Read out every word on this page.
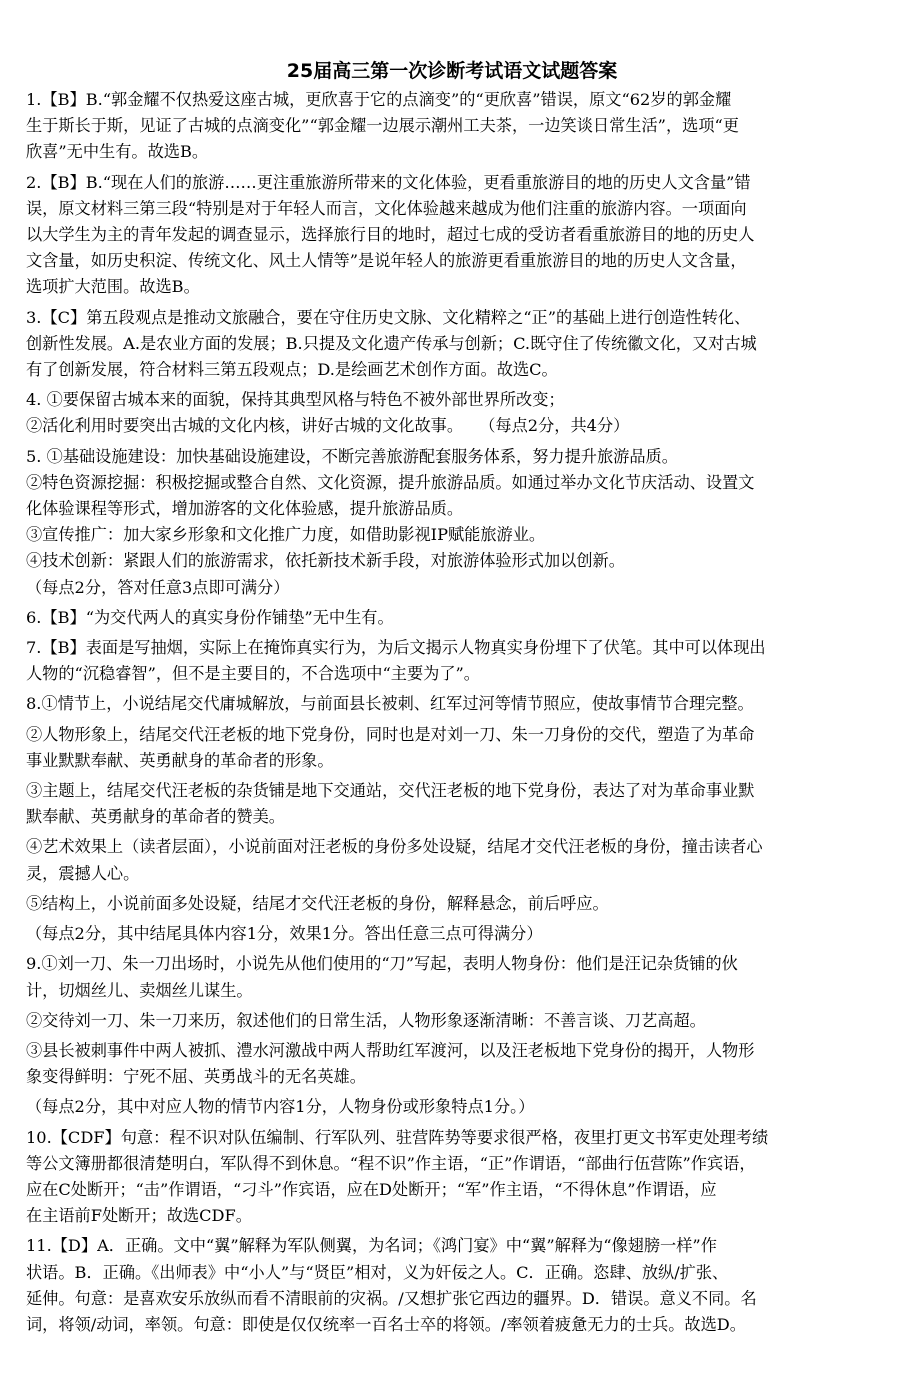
25届高三第一次诊断考试语文试题答案
1.【B】B.“郭金耀不仅热爱这座古城，更欣喜于它的点滴变”的“更欣喜”错误，原文“62岁的郭金耀
生于斯长于斯，见证了古城的点滴变化”“郭金耀一边展示潮州工夫茶，一边笑谈日常生活”，选项“更
欣喜”无中生有。故选B。
2.【B】B.“现在人们的旅游……更注重旅游所带来的文化体验，更看重旅游目的地的历史人文含量”错
误，原文材料三第三段“特别是对于年轻人而言，文化体验越来越成为他们注重的旅游内容。一项面向
以大学生为主的青年发起的调查显示，选择旅行目的地时，超过七成的受访者看重旅游目的地的历史人
文含量，如历史积淀、传统文化、风土人情等”是说年轻人的旅游更看重旅游目的地的历史人文含量，
选项扩大范围。故选B。
3.【C】第五段观点是推动文旅融合，要在守住历史文脉、文化精粹之“正”的基础上进行创造性转化、
创新性发展。A.是农业方面的发展；B.只提及文化遗产传承与创新；C.既守住了传统徽文化，又对古城
有了创新发展，符合材料三第五段观点；D.是绘画艺术创作方面。故选C。
4. ①要保留古城本来的面貌，保持其典型风格与特色不被外部世界所改变；
②活化利用时要突出古城的文化内核，讲好古城的文化故事。　　（每点2分，共4分）
5. ①基础设施建设：加快基础设施建设，不断完善旅游配套服务体系，努力提升旅游品质。
②特色资源挖掘：积极挖掘或整合自然、文化资源，提升旅游品质。如通过举办文化节庆活动、设置文
化体验课程等形式，增加游客的文化体验感，提升旅游品质。
③宣传推广：加大家乡形象和文化推广力度，如借助影视IP赋能旅游业。
④技术创新：紧跟人们的旅游需求，依托新技术新手段，对旅游体验形式加以创新。
（每点2分，答对任意3点即可满分）
6.【B】“为交代两人的真实身份作铺垫”无中生有。
7.【B】表面是写抽烟，实际上在掩饰真实行为，为后文揭示人物真实身份埋下了伏笔。其中可以体现出
人物的“沉稳睿智”，但不是主要目的，不合选项中“主要为了”。
8.①情节上，小说结尾交代庸城解放，与前面县长被刺、红军过河等情节照应，使故事情节合理完整。
②人物形象上，结尾交代汪老板的地下党身份，同时也是对刘一刀、朱一刀身份的交代，塑造了为革命
事业默默奉献、英勇献身的革命者的形象。
③主题上，结尾交代汪老板的杂货铺是地下交通站，交代汪老板的地下党身份，表达了对为革命事业默
默奉献、英勇献身的革命者的赞美。
④艺术效果上（读者层面），小说前面对汪老板的身份多处设疑，结尾才交代汪老板的身份，撞击读者心
灵，震撼人心。
⑤结构上，小说前面多处设疑，结尾才交代汪老板的身份，解释悬念，前后呼应。
（每点2分，其中结尾具体内容1分，效果1分。答出任意三点可得满分）
9.①刘一刀、朱一刀出场时，小说先从他们使用的“刀”写起，表明人物身份：他们是汪记杂货铺的伙
计，切烟丝儿、卖烟丝儿谋生。
②交待刘一刀、朱一刀来历，叙述他们的日常生活，人物形象逐渐清晰：不善言谈、刀艺高超。
③县长被刺事件中两人被抓、澧水河激战中两人帮助红军渡河，以及汪老板地下党身份的揭开，人物形
象变得鲜明：宁死不屈、英勇战斗的无名英雄。
（每点2分，其中对应人物的情节内容1分，人物身份或形象特点1分。）
10.【CDF】句意：程不识对队伍编制、行军队列、驻营阵势等要求很严格，夜里打更文书军吏处理考绩
等公文簿册都很清楚明白，军队得不到休息。“程不识”作主语，“正”作谓语，“部曲行伍营陈”作宾语，
应在C处断开；“击”作谓语，“刁斗”作宾语，应在D处断开；“军”作主语，“不得休息”作谓语，应
在主语前F处断开；故选CDF。
11.【D】A．正确。文中“翼”解释为军队侧翼，为名词；《鸿门宴》中“翼”解释为“像翅膀一样”作
状语。B．正确。《出师表》中“小人”与“贤臣”相对，义为奸佞之人。C．正确。恣肆、放纵/扩张、
延伸。句意：是喜欢安乐放纵而看不清眼前的灾祸。/又想扩张它西边的疆界。D．错误。意义不同。名
词，将领/动词，率领。句意：即使是仅仅统率一百名士卒的将领。/率领着疲惫无力的士兵。故选D。
